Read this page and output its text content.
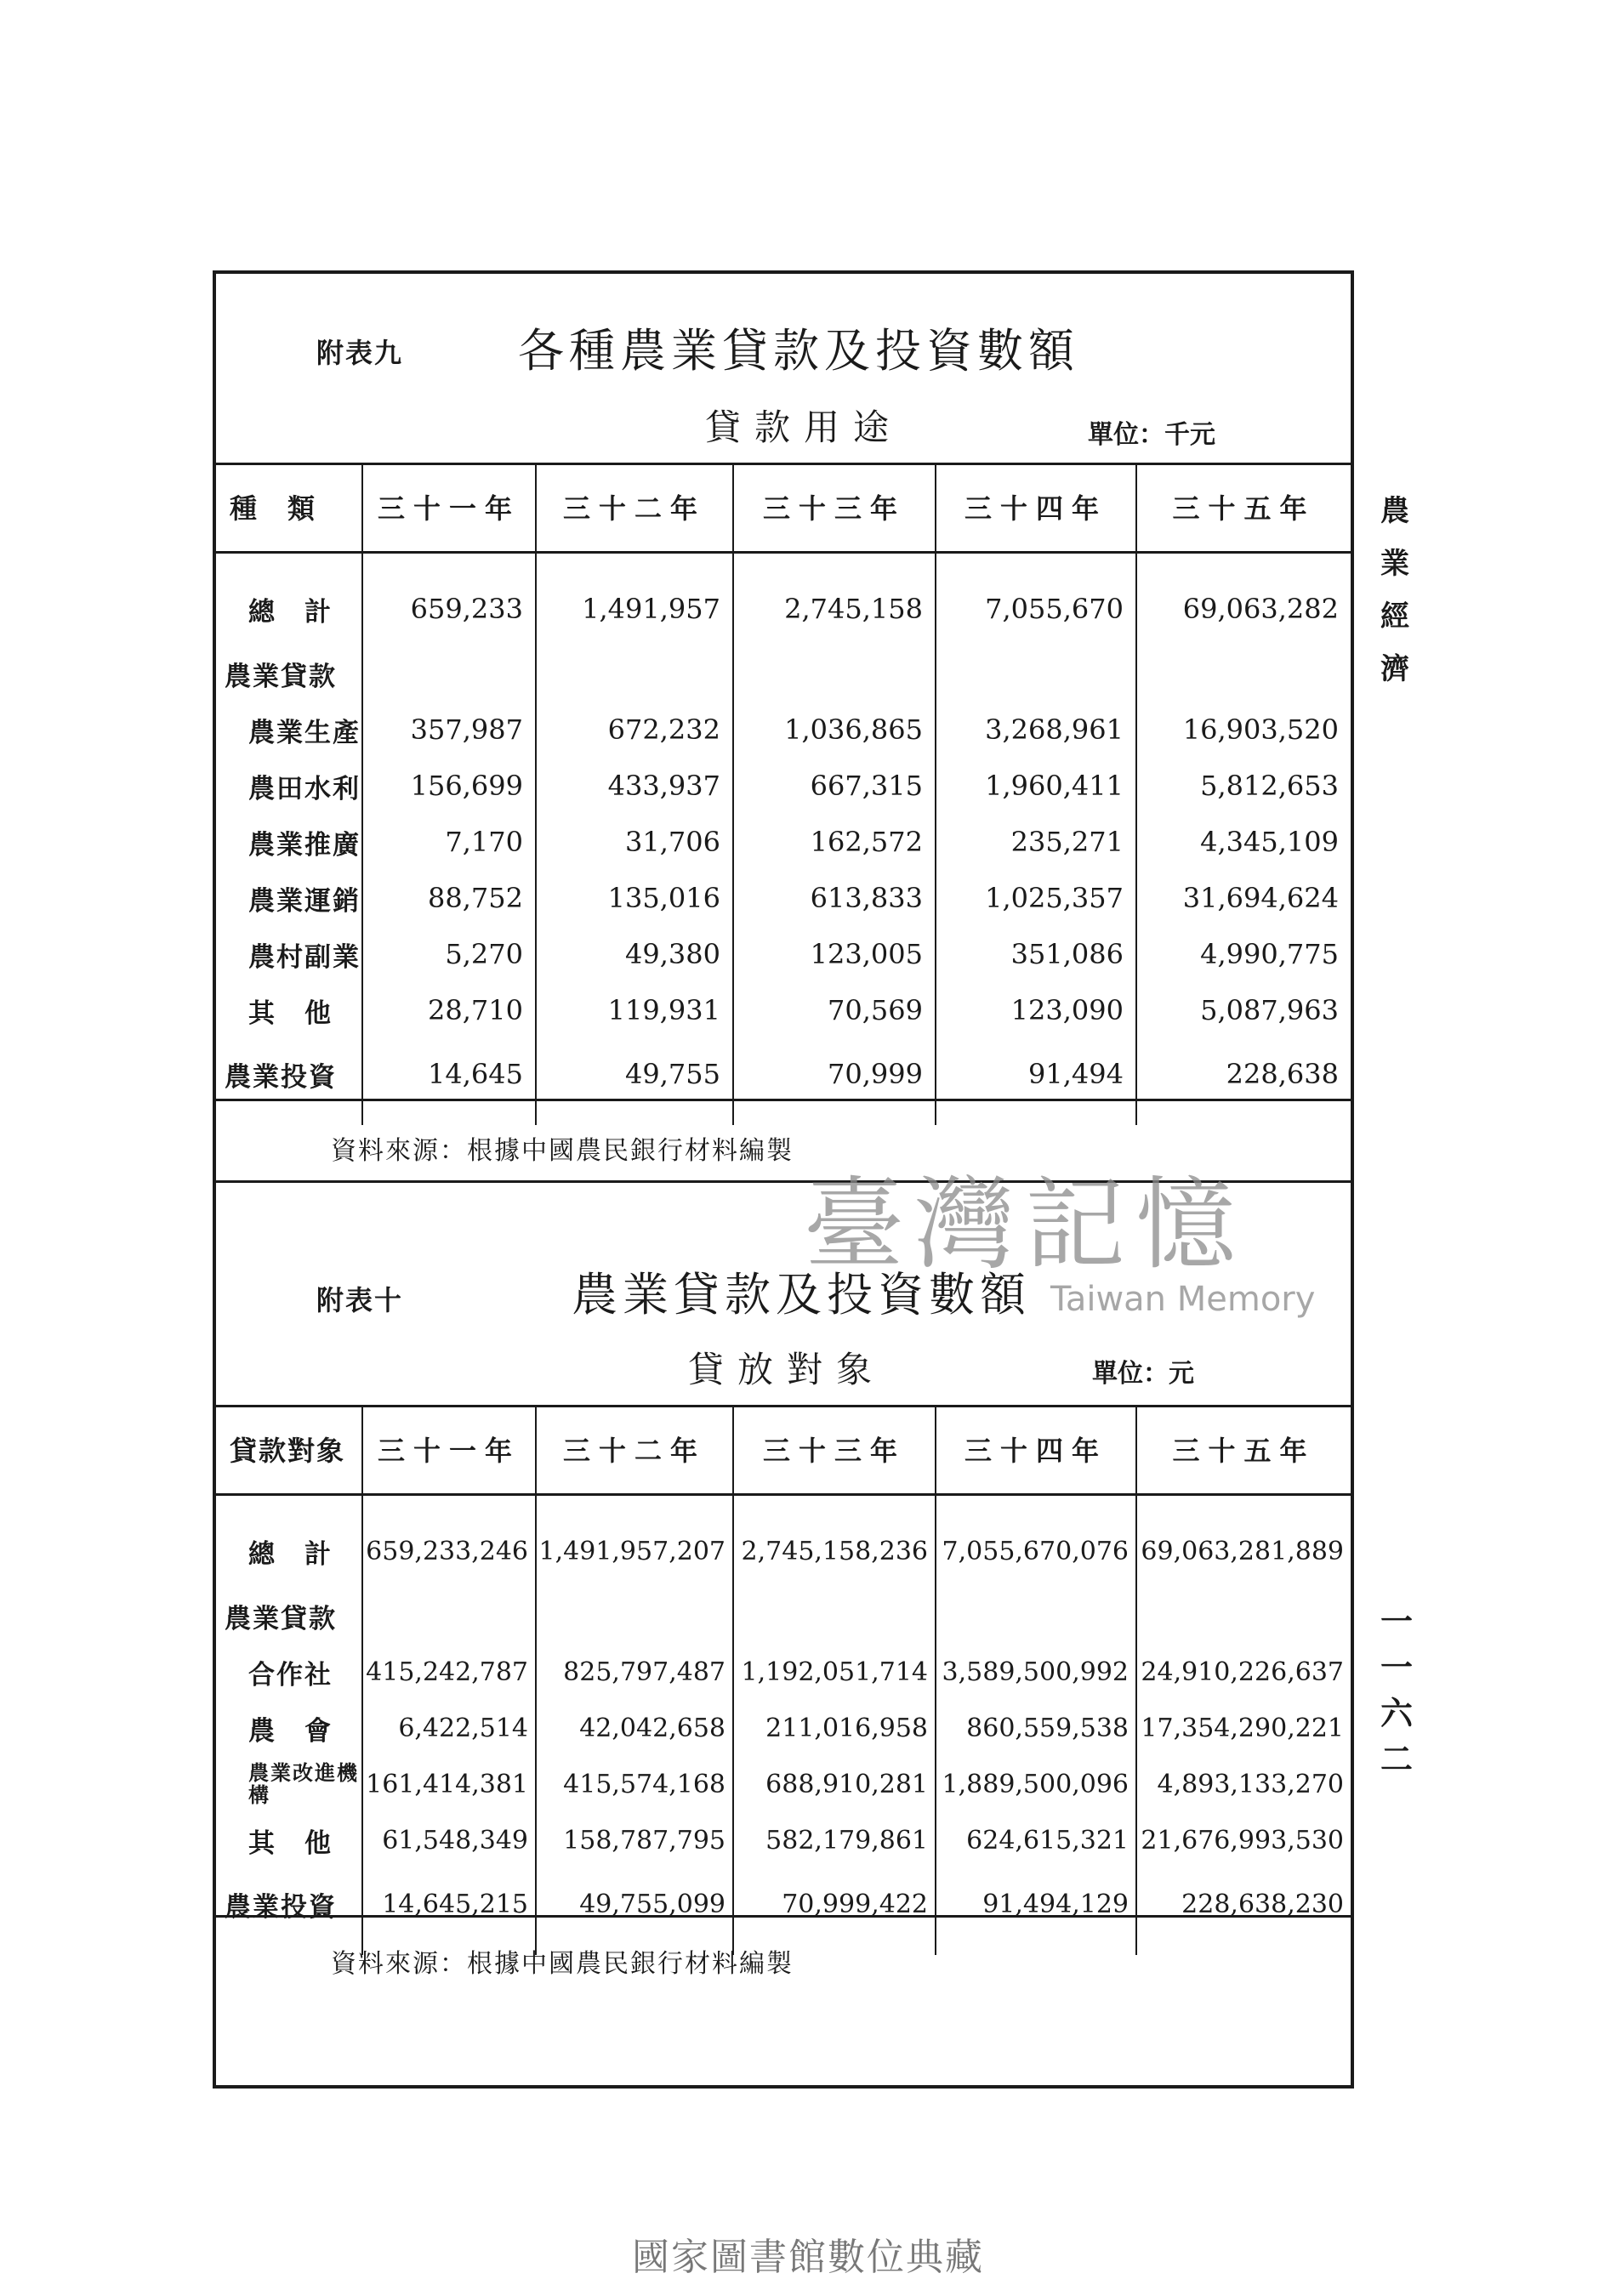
附表九 各種農業貸款及投資數額
貸款用途	單位：千元
種　類	三十一年	三十二年	三十三年	三十四年	三十五年
總　計	659,233	1,491,957	2,745,158	7,055,670	69,063,282
農業貸款					
農業生產	357,987	672,232	1,036,865	3,268,961	16,903,520
農田水利	156,699	433,937	667,315	1,960,411	5,812,653
農業推廣	7,170	31,706	162,572	235,271	4,345,109
農業運銷	88,752	135,016	613,833	1,025,357	31,694,624
農村副業	5,270	49,380	123,005	351,086	4,990,775
其　他	28,710	119,931	70,569	123,090	5,087,963
農業投資	14,645	49,755	70,999	91,494	228,638
資料來源：根據中國農民銀行材料編製
附表十	農業貸款及投資數額
貸放對象	單位：元
貸款對象	三十一年	三十二年	三十三年	三十四年	三十五年
總　計	659,233,246	1,491,957,207	2,745,158,236	7,055,670,076	69,063,281,889
農業貸款					
合作社	415,242,787	825,797,487	1,192,051,714	3,589,500,992	24,910,226,637
農　會	6,422,514	42,042,658	211,016,958	860,559,538	17,354,290,221
農業改進機構	161,414,381	415,574,168	688,910,281	1,889,500,096	4,893,133,270
其　他	61,548,349	158,787,795	582,179,861	624,615,321	21,676,993,530
農業投資	14,645,215	49,755,099	70,999,422	91,494,129	228,638,230
資料來源：根據中國農民銀行材料編製
農
業
經
濟
一
一
六
二
臺灣記憶
Taiwan Memory
國家圖書館數位典藏
